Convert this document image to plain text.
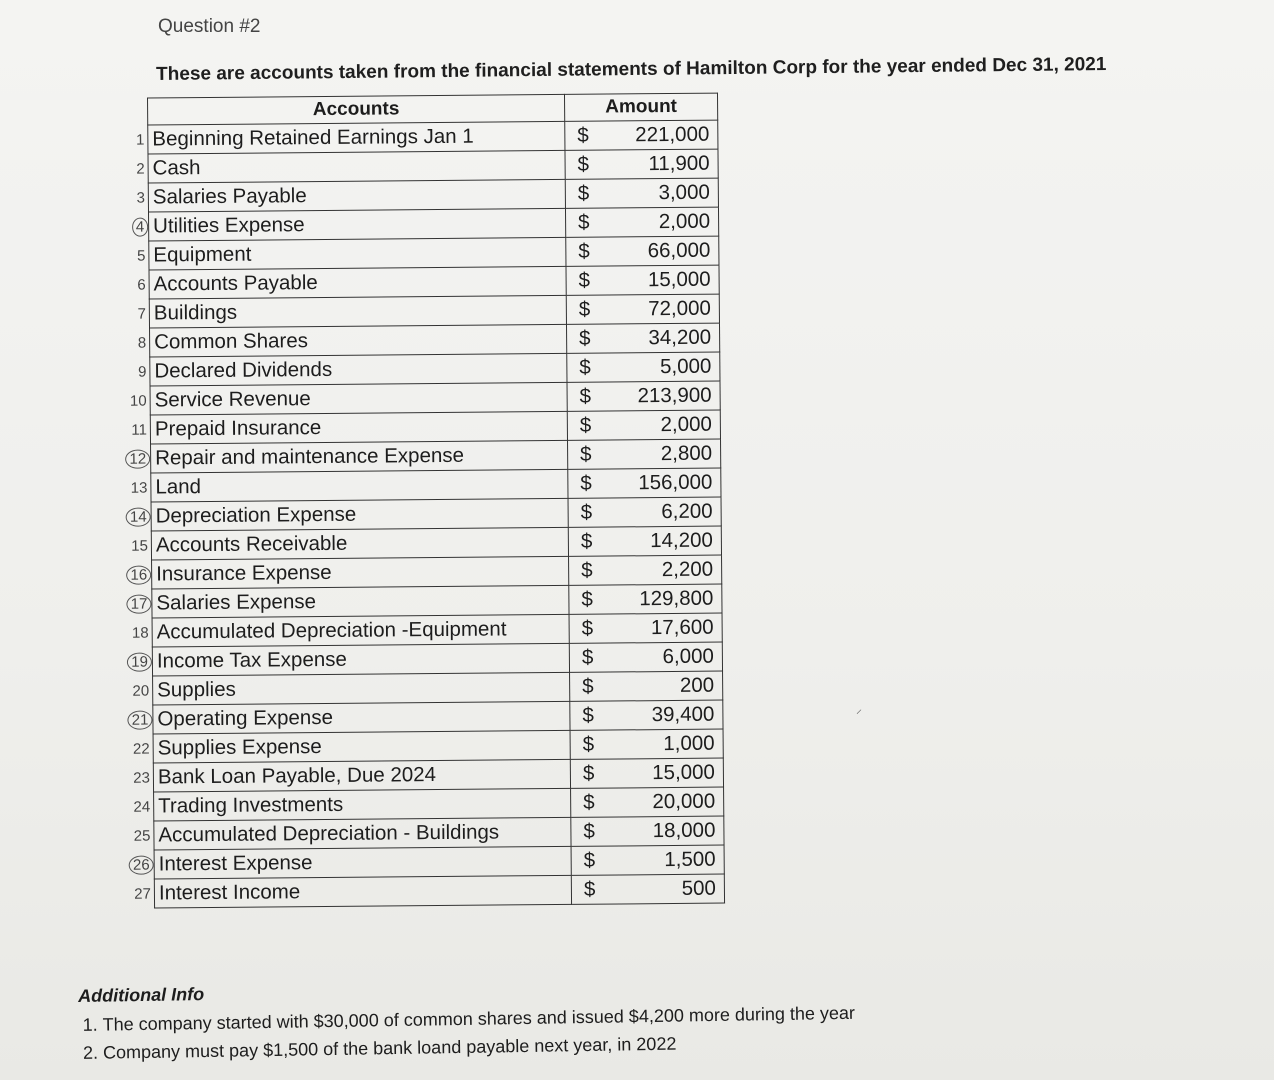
Question #2
These are accounts taken from the financial statements of Hamilton Corp for the year ended Dec 31, 2021
	Accounts	Amount
1	Beginning Retained Earnings Jan 1	$ 221,000

2	Cash	$ 11,900

3	Salaries Payable	$ 3,000

4	Utilities Expense	$ 2,000

5	Equipment	$ 66,000

6	Accounts Payable	$ 15,000

7	Buildings	$ 72,000

8	Common Shares	$ 34,200

9	Declared Dividends	$ 5,000

10	Service Revenue	$ 213,900

11	Prepaid Insurance	$ 2,000

12	Repair and maintenance Expense	$ 2,800

13	Land	$ 156,000

14	Depreciation Expense	$ 6,200

15	Accounts Receivable	$ 14,200

16	Insurance Expense	$ 2,200

17	Salaries Expense	$ 129,800

18	Accumulated Depreciation -Equipment	$ 17,600

19	Income Tax Expense	$ 6,000

20	Supplies	$ 200

21	Operating Expense	$ 39,400

22	Supplies Expense	$ 1,000

23	Bank Loan Payable, Due 2024	$ 15,000

24	Trading Investments	$ 20,000

25	Accumulated Depreciation - Buildings	$ 18,000

26	Interest Expense	$ 1,500

27	Interest Income	$ 500
⸝
Additional Info
1. The company started with $30,000 of common shares and issued $4,200 more during the year
2. Company must pay $1,500 of the bank loand payable next year, in 2022
